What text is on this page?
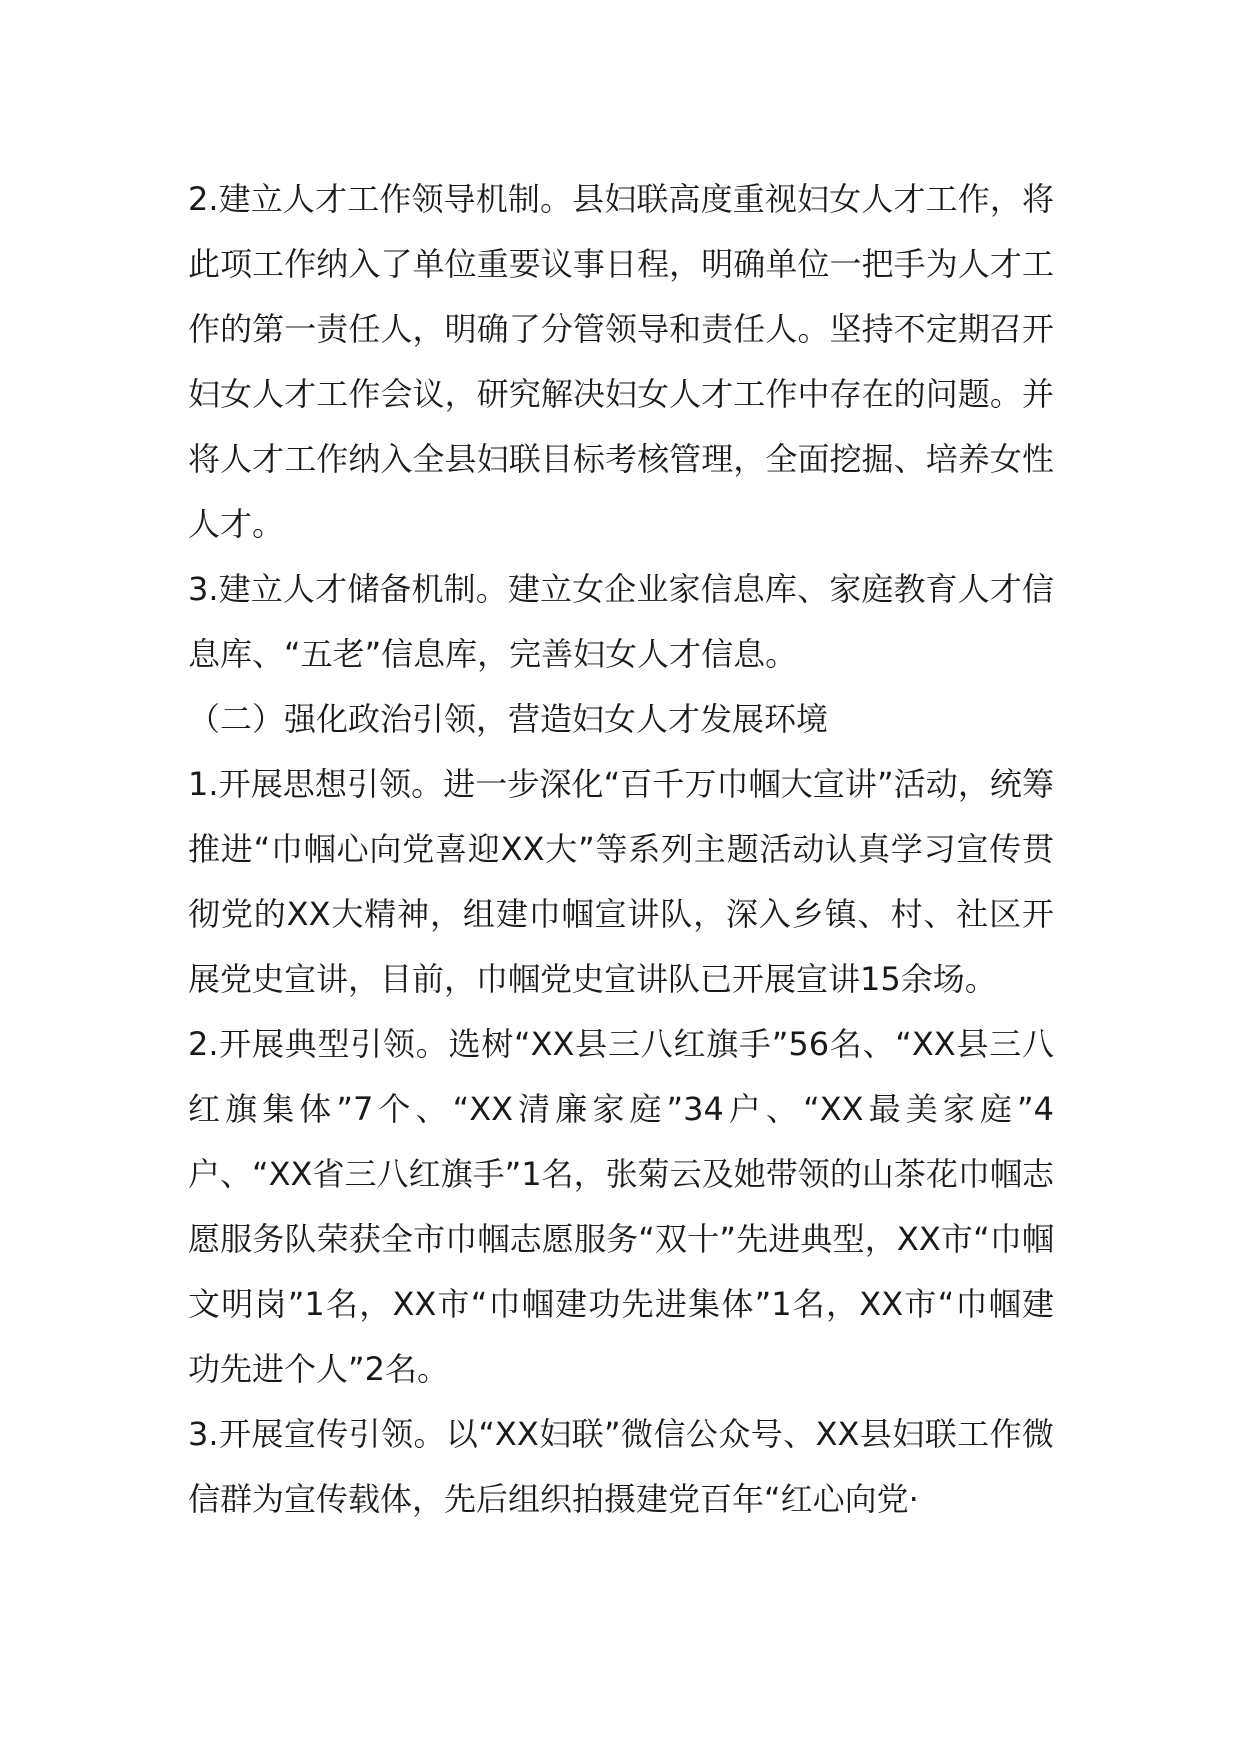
2.建立人才工作领导机制。县妇联高度重视妇女人才工作，将此项工作纳入了单位重要议事日程，明确单位一把手为人才工作的第一责任人，明确了分管领导和责任人。坚持不定期召开妇女人才工作会议，研究解决妇女人才工作中存在的问题。并将人才工作纳入全县妇联目标考核管理，全面挖掘、培养女性人才。

3.建立人才储备机制。建立女企业家信息库、家庭教育人才信息库、“五老”信息库，完善妇女人才信息。

（二）强化政治引领，营造妇女人才发展环境

1.开展思想引领。进一步深化“百千万巾帼大宣讲”活动，统筹推进“巾帼心向党喜迎XX大”等系列主题活动认真学习宣传贯彻党的XX大精神，组建巾帼宣讲队，深入乡镇、村、社区开展党史宣讲，目前，巾帼党史宣讲队已开展宣讲15余场。

2.开展典型引领。选树“XX县三八红旗手”56名、“XX县三八红旗集体”7个、“XX清廉家庭”34户、“XX最美家庭”4户、“XX省三八红旗手”1名，张菊云及她带领的山茶花巾帼志愿服务队荣获全市巾帼志愿服务“双十”先进典型，XX市“巾帼文明岗”1名，XX市“巾帼建功先进集体”1名，XX市“巾帼建功先进个人”2名。

3.开展宣传引领。以“XX妇联”微信公众号、XX县妇联工作微信群为宣传载体，先后组织拍摄建党百年“红心向党·
